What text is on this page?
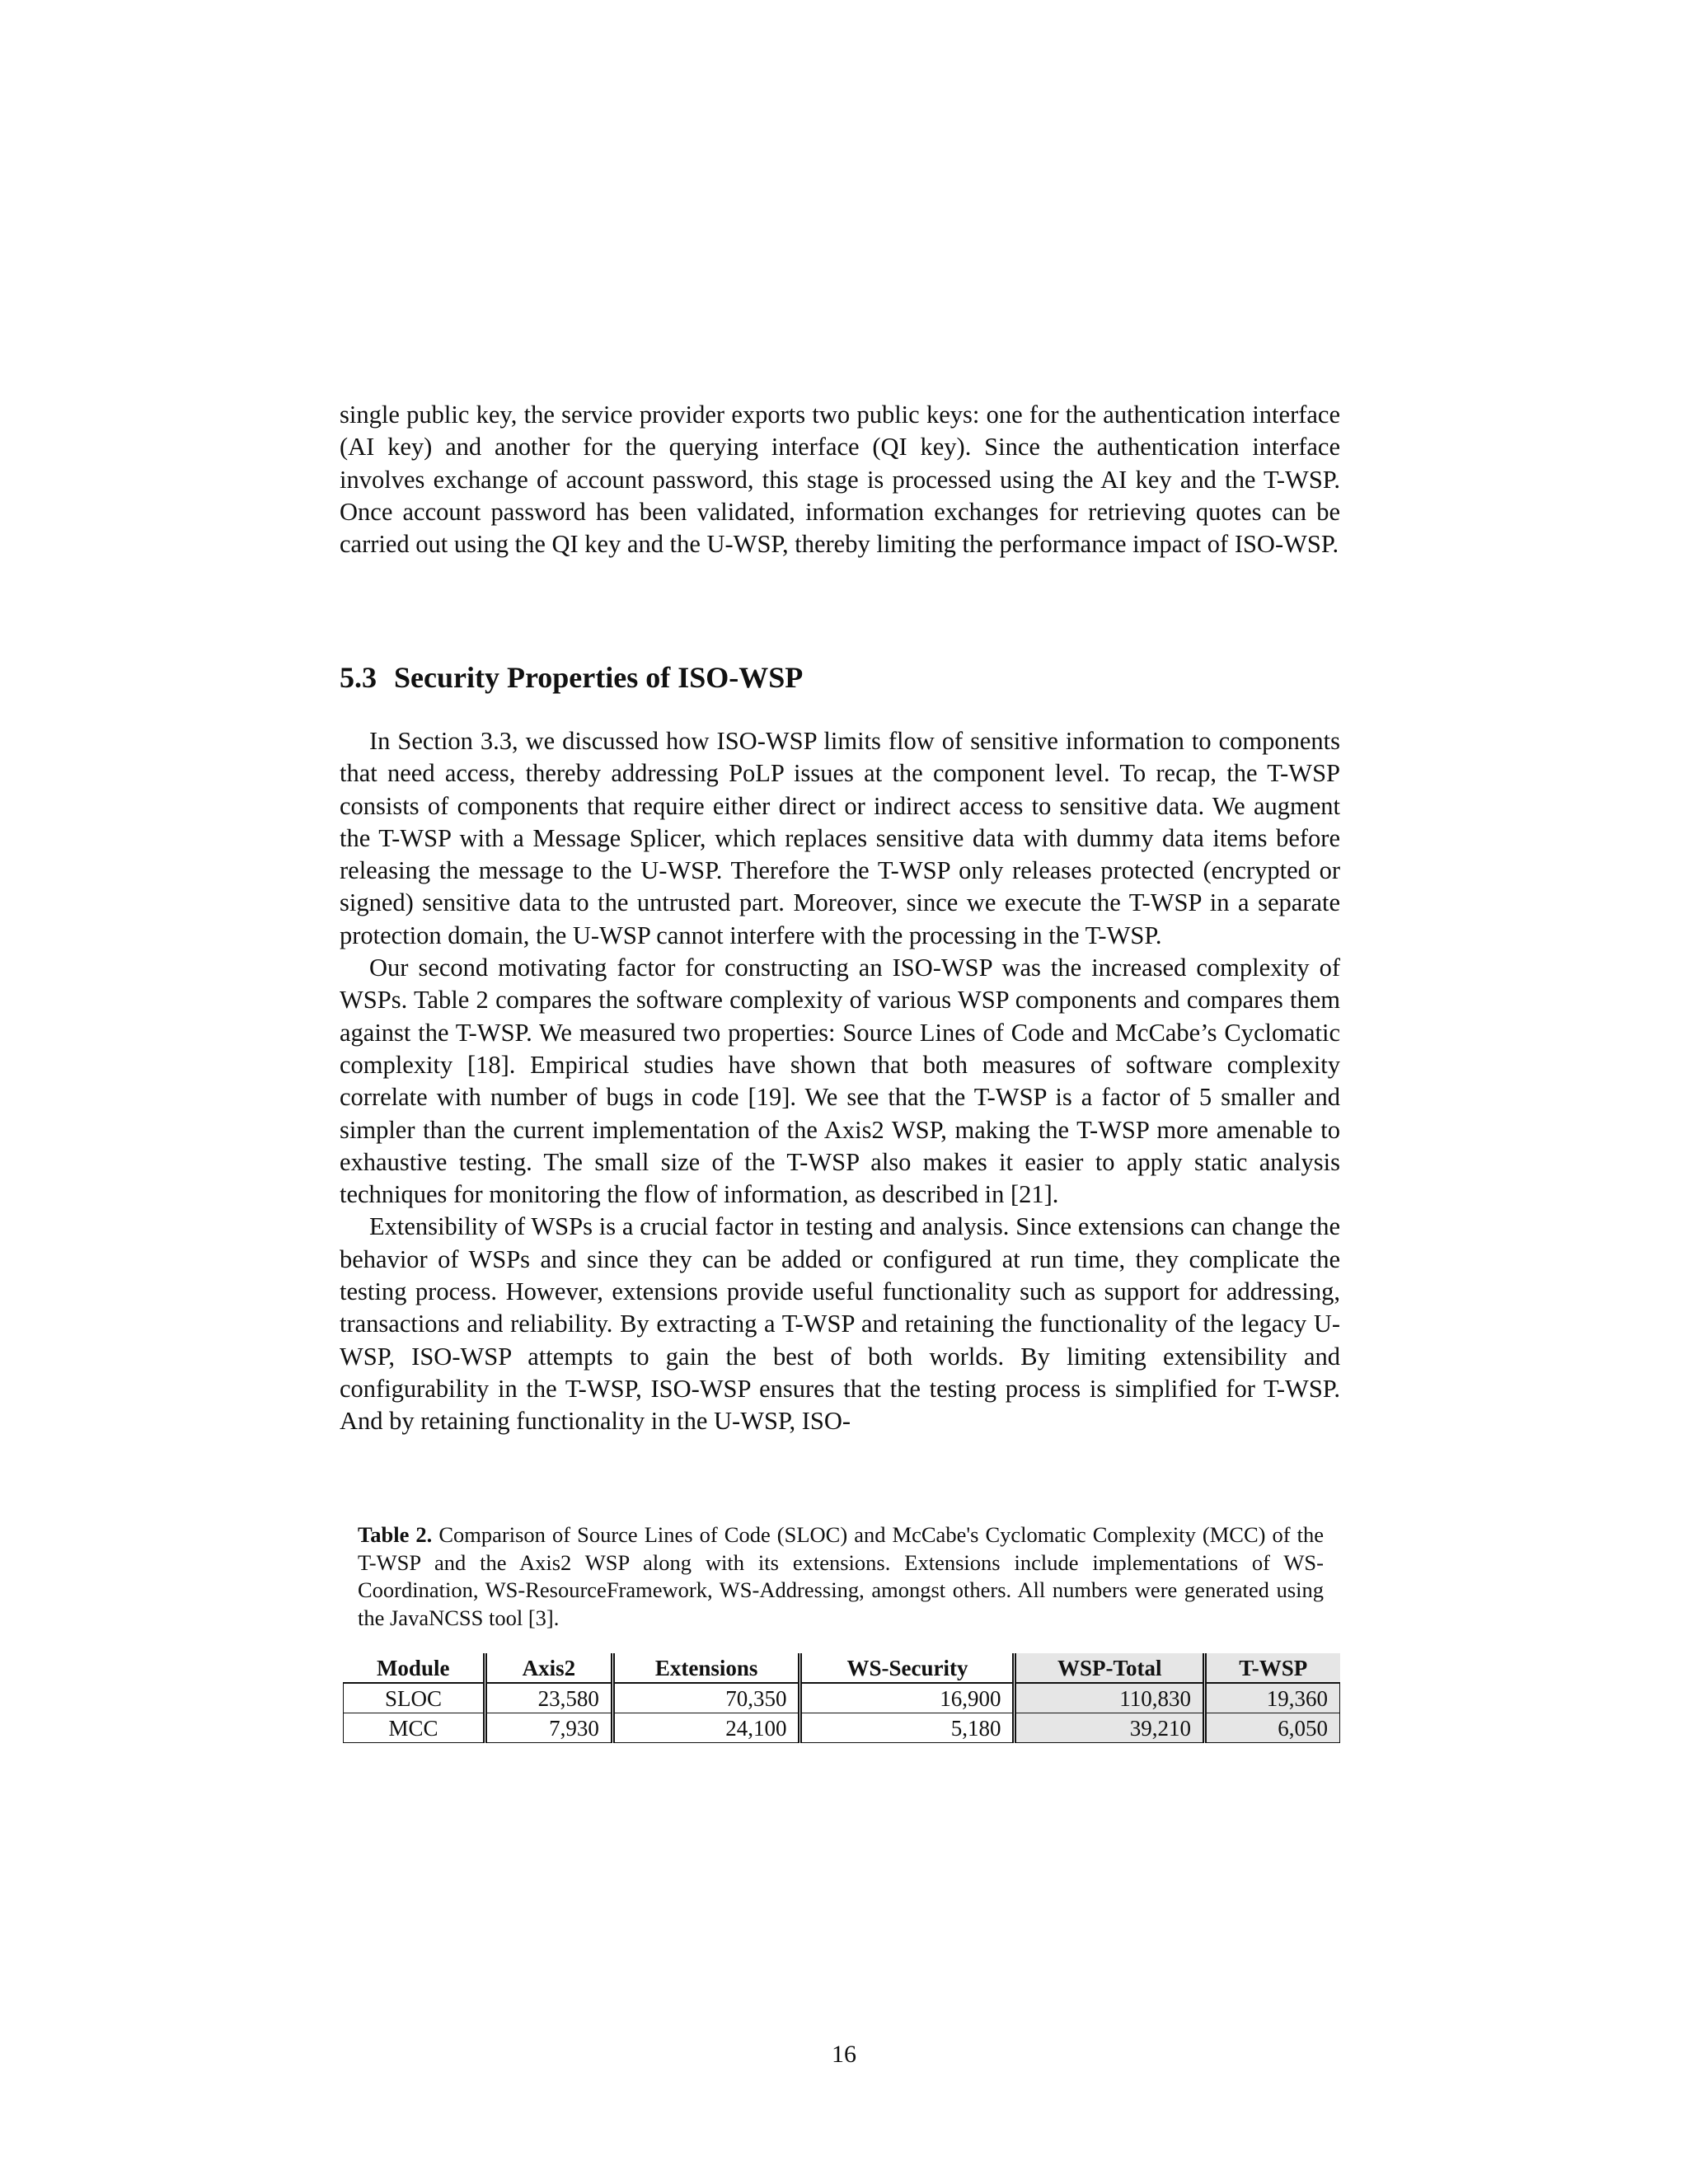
single public key, the service provider exports two public keys: one for the authentication interface (AI key) and another for the querying interface (QI key). Since the authentication interface involves exchange of account password, this stage is processed using the AI key and the T-WSP. Once account password has been validated, information exchanges for retrieving quotes can be carried out using the QI key and the U-WSP, thereby limiting the performance impact of ISO-WSP.

5.3 Security Properties of ISO-WSP

In Section 3.3, we discussed how ISO-WSP limits flow of sensitive information to components that need access, thereby addressing PoLP issues at the component level. To recap, the T-WSP consists of components that require either direct or indirect access to sensitive data. We augment the T-WSP with a Message Splicer, which replaces sensitive data with dummy data items before releasing the message to the U-WSP. Therefore the T-WSP only releases protected (encrypted or signed) sensitive data to the untrusted part. Moreover, since we execute the T-WSP in a separate protection domain, the U-WSP cannot interfere with the processing in the T-WSP.

Our second motivating factor for constructing an ISO-WSP was the increased complexity of WSPs. Table 2 compares the software complexity of various WSP components and compares them against the T-WSP. We measured two properties: Source Lines of Code and McCabe’s Cyclomatic complexity [18]. Empirical studies have shown that both measures of software complexity correlate with number of bugs in code [19]. We see that the T-WSP is a factor of 5 smaller and simpler than the current implementation of the Axis2 WSP, making the T-WSP more amenable to exhaustive testing. The small size of the T-WSP also makes it easier to apply static analysis techniques for monitoring the flow of information, as described in [21].

Extensibility of WSPs is a crucial factor in testing and analysis. Since extensions can change the behavior of WSPs and since they can be added or configured at run time, they complicate the testing process. However, extensions provide useful functionality such as support for addressing, transactions and reliability. By extracting a T-WSP and retaining the functionality of the legacy U-WSP, ISO-WSP attempts to gain the best of both worlds. By limiting extensibility and configurability in the T-WSP, ISO-WSP ensures that the testing process is simplified for T-WSP. And by retaining functionality in the U-WSP, ISO-

Table 2. Comparison of Source Lines of Code (SLOC) and McCabe's Cyclomatic Complexity (MCC) of the T-WSP and the Axis2 WSP along with its extensions. Extensions include implementations of WS-Coordination, WS-ResourceFramework, WS-Addressing, amongst others. All numbers were generated using the JavaNCSS tool [3].
Module	Axis2	Extensions	WS-Security	WSP-Total	T-WSP
SLOC	23,580	70,350	16,900	110,830	19,360
MCC	7,930	24,100	5,180	39,210	6,050
16
